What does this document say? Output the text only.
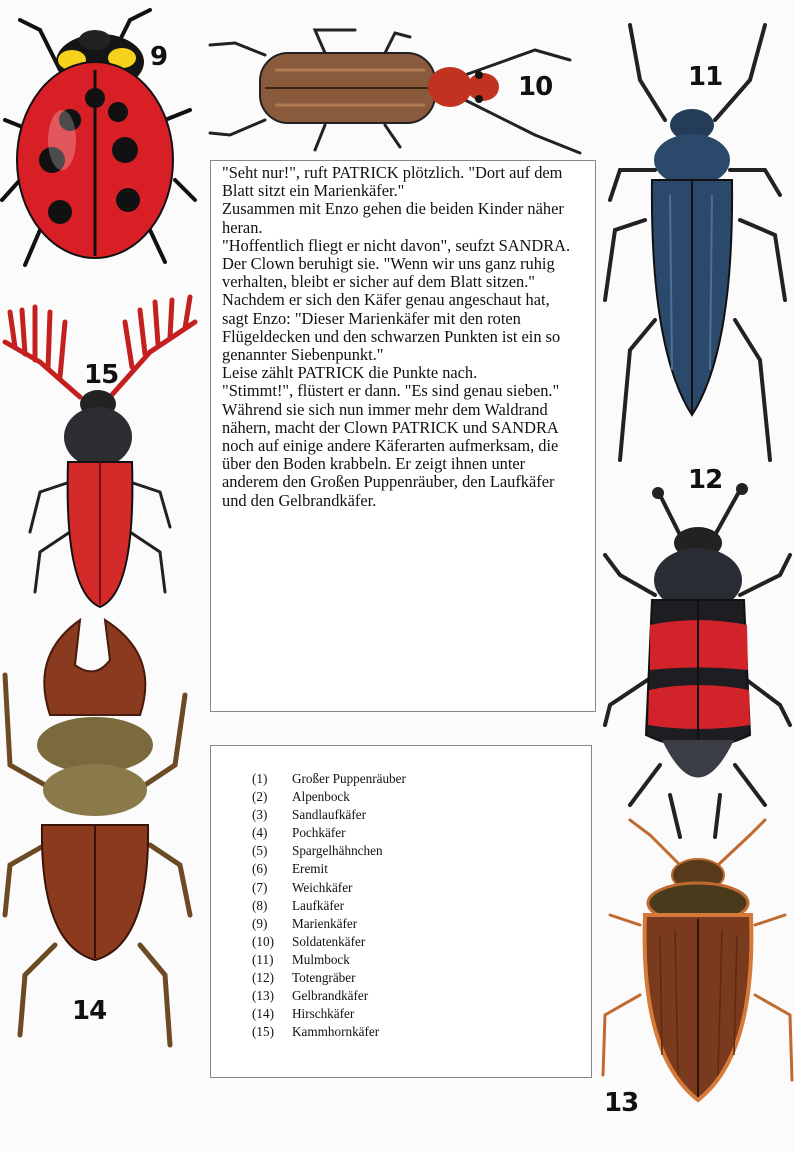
9
10	11
15
12
14
13

"Seht nur!", ruft PATRICK plötzlich. "Dort auf dem Blatt sitzt ein Marienkäfer."

Zusammen mit Enzo gehen die beiden Kinder näher heran.

"Hoffentlich fliegt er nicht davon", seufzt SANDRA.

Der Clown beruhigt sie. "Wenn wir uns ganz ruhig verhalten, bleibt er sicher auf dem Blatt sitzen." Nachdem er sich den Käfer genau angeschaut hat, sagt Enzo: "Dieser Marienkäfer mit den roten Flügeldecken und den schwarzen Punkten ist ein so genannter Siebenpunkt."

Leise zählt PATRICK die Punkte nach.

"Stimmt!", flüstert er dann. "Es sind genau sieben."

Während sie sich nun immer mehr dem Waldrand nähern, macht der Clown PATRICK und SANDRA noch auf einige andere Käferarten aufmerksam, die über den Boden krabbeln. Er zeigt ihnen unter anderem den Großen Puppenräuber, den Laufkäfer und den Gelbrandkäfer.

(1)	Großer Puppenräuber
(2)	Alpenbock
(3)	Sandlaufkäfer
(4)	Pochkäfer
(5)	Spargelhähnchen
(6)	Eremit
(7)	Weichkäfer
(8)	Laufkäfer
(9)	Marienkäfer
(10)	Soldatenkäfer
(11)	Mulmbock
(12)	Totengräber
(13)	Gelbrandkäfer
(14)	Hirschkäfer
(15)	Kammhornkäfer
